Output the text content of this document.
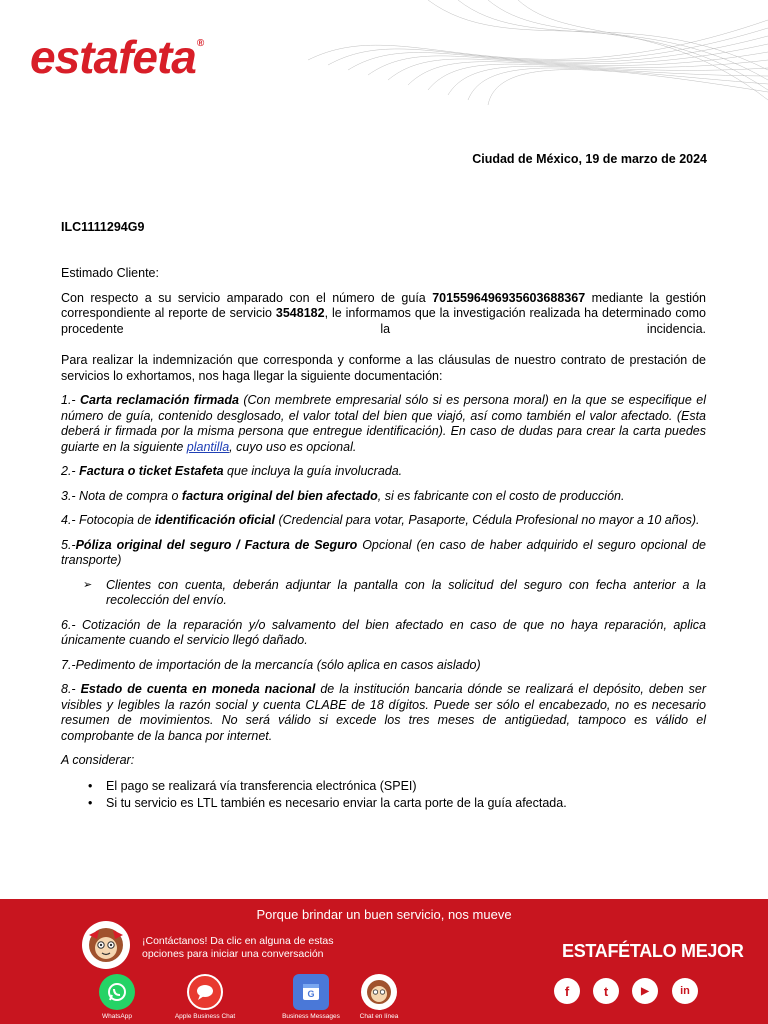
estafeta®
Ciudad de México, 19 de marzo de 2024
ILC1111294G9

Estimado Cliente:

Con respecto a su servicio amparado con el número de guía 7015596496935603688367 mediante la gestión correspondiente al reporte de servicio 3548182, le informamos que la investigación realizada ha determinado como procedente la incidencia.

Para realizar la indemnización que corresponda y conforme a las cláusulas de nuestro contrato de prestación de servicios lo exhortamos, nos haga llegar la siguiente documentación:

1.- Carta reclamación firmada (Con membrete empresarial sólo si es persona moral) en la que se especifique el número de guía, contenido desglosado, el valor total del bien que viajó, así como también el valor afectado. (Esta deberá ir firmada por la misma persona que entregue identificación). En caso de dudas para crear la carta puedes guiarte en la siguiente plantilla, cuyo uso es opcional.

2.- Factura o ticket Estafeta que incluya la guía involucrada.

3.- Nota de compra o factura original del bien afectado, si es fabricante con el costo de producción.

4.- Fotocopia de identificación oficial (Credencial para votar, Pasaporte, Cédula Profesional no mayor a 10 años).

5.-Póliza original del seguro / Factura de Seguro Opcional (en caso de haber adquirido el seguro opcional de transporte)

➢ Clientes con cuenta, deberán adjuntar la pantalla con la solicitud del seguro con fecha anterior a la recolección del envío.

6.- Cotización de la reparación y/o salvamento del bien afectado en caso de que no haya reparación, aplica únicamente cuando el servicio llegó dañado.

7.-Pedimento de importación de la mercancía (sólo aplica en casos aislado)

8.- Estado de cuenta en moneda nacional de la institución bancaria dónde se realizará el depósito, deben ser visibles y legibles la razón social y cuenta CLABE de 18 dígitos. Puede ser sólo el encabezado, no es necesario resumen de movimientos. No será válido si excede los tres meses de antigüedad, tampoco es válido el comprobante de la banca por internet.

A considerar:

• El pago se realizará vía transferencia electrónica (SPEI)
• Si tu servicio es LTL también es necesario enviar la carta porte de la guía afectada.
Porque brindar un buen servicio, nos mueve
¡Contáctanos! Da clic en alguna de estas
opciones para iniciar una conversación	ESTAFÉTALO MEJOR
WhatsApp	Apple Business Chat
G
Business Messages	Chat en línea
f	t	▶	in
